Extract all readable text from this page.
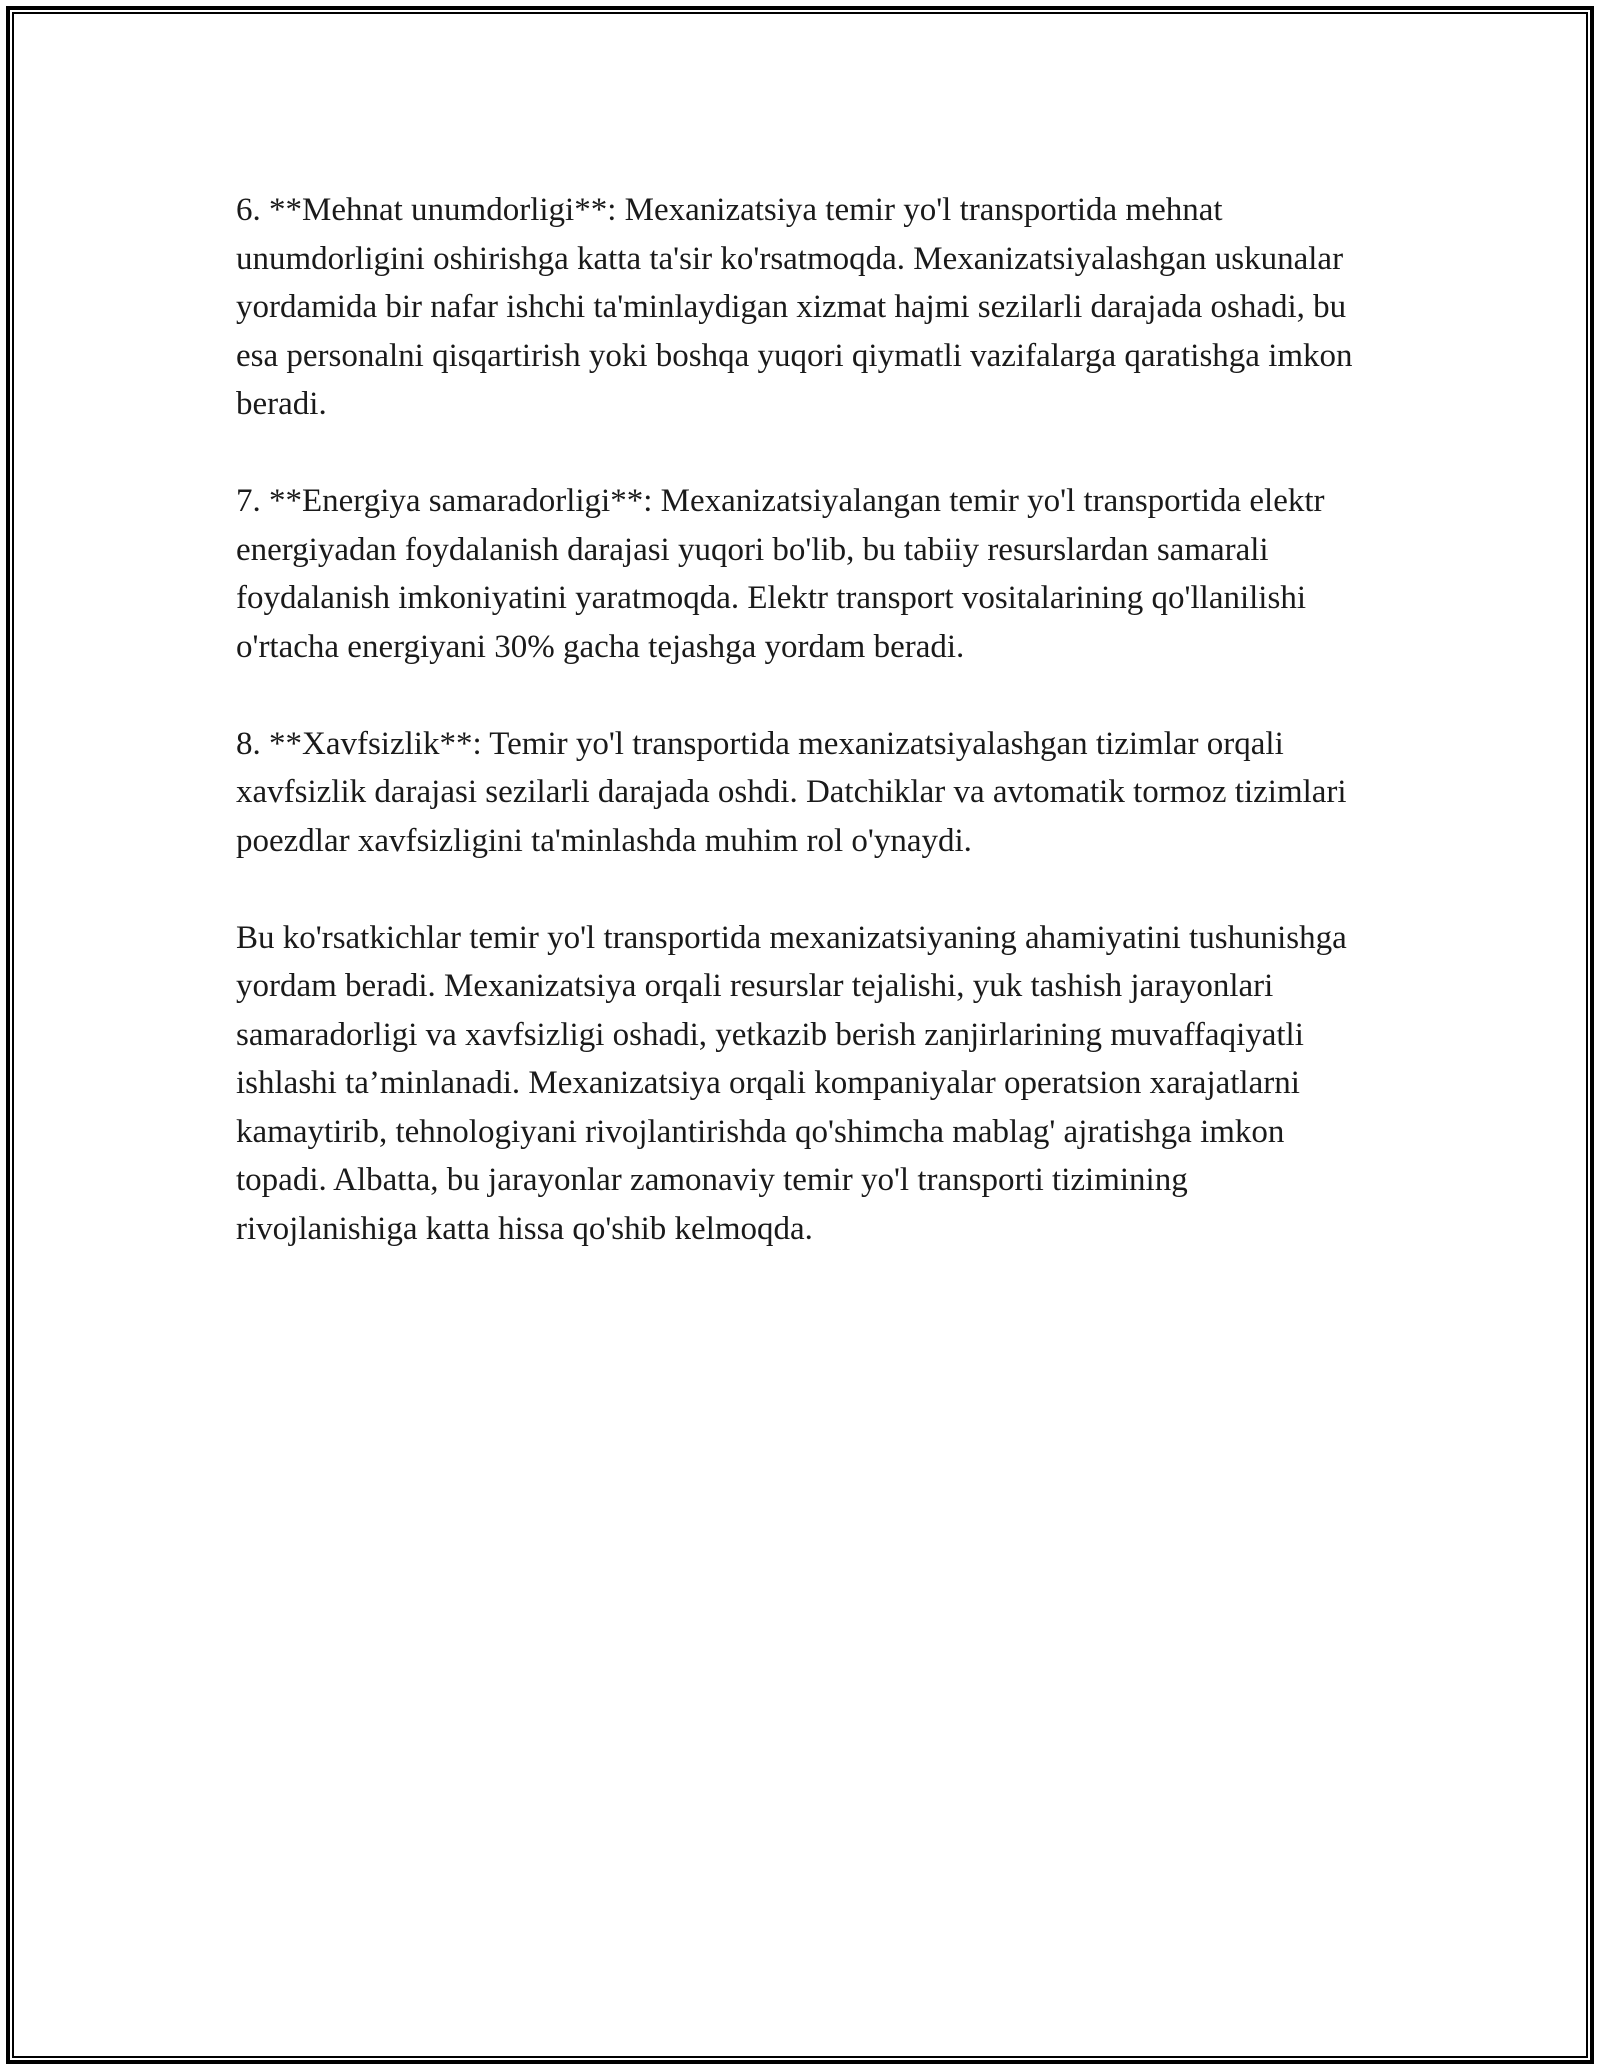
6. **Mehnat unumdorligi**: Mexanizatsiya temir yo'l transportida mehnat unumdorligini oshirishga katta ta'sir ko'rsatmoqda. Mexanizatsiyalashgan uskunalar yordamida bir nafar ishchi ta'minlaydigan xizmat hajmi sezilarli darajada oshadi, bu esa personalni qisqartirish yoki boshqa yuqori qiymatli vazifalarga qaratishga imkon beradi.

7. **Energiya samaradorligi**: Mexanizatsiyalangan temir yo'l transportida elektr energiyadan foydalanish darajasi yuqori bo'lib, bu tabiiy resurslardan samarali foydalanish imkoniyatini yaratmoqda. Elektr transport vositalarining qo'llanilishi o'rtacha energiyani 30% gacha tejashga yordam beradi.

8. **Xavfsizlik**: Temir yo'l transportida mexanizatsiyalashgan tizimlar orqali xavfsizlik darajasi sezilarli darajada oshdi. Datchiklar va avtomatik tormoz tizimlari poezdlar xavfsizligini ta'minlashda muhim rol o'ynaydi.

Bu ko'rsatkichlar temir yo'l transportida mexanizatsiyaning ahamiyatini tushunishga yordam beradi. Mexanizatsiya orqali resurslar tejalishi, yuk tashish jarayonlari samaradorligi va xavfsizligi oshadi, yetkazib berish zanjirlarining muvaffaqiyatli ishlashi ta’minlanadi. Mexanizatsiya orqali kompaniyalar operatsion xarajatlarni kamaytirib, tehnologiyani rivojlantirishda qo'shimcha mablag' ajratishga imkon topadi. Albatta, bu jarayonlar zamonaviy temir yo'l transporti tizimining rivojlanishiga katta hissa qo'shib kelmoqda.
